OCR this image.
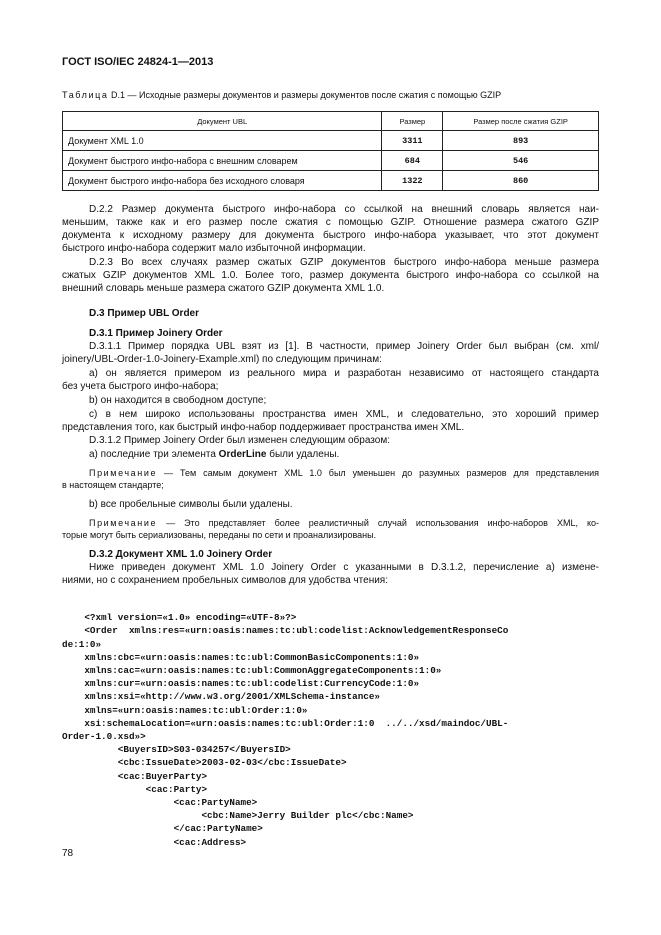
ГОСТ ISO/IEC 24824-1—2013
Таблица D.1 — Исходные размеры документов и размеры документов после сжатия с помощью GZIP
Документ UBL	Размер	Размер после сжатия GZIP
Документ XML 1.0	3311	893
Документ быстрого инфо-набора с внешним словарем	684	546
Документ быстрого инфо-набора без исходного словаря	1322	860
D.2.2 Размер документа быстрого инфо-набора со ссылкой на внешний словарь является наи-
меньшим, также как и его размер после сжатия с помощью GZIP. Отношение размера сжатого GZIP
документа к исходному размеру для документа быстрого инфо-набора указывает, что этот документ
быстрого инфо-набора содержит мало избыточной информации.
D.2.3 Во всех случаях размер сжатых GZIP документов быстрого инфо-набора меньше размера
сжатых GZIP документов XML 1.0. Более того, размер документа быстрого инфо-набора со ссылкой на
внешний словарь меньше размера сжатого GZIP документа XML 1.0.
D.3 Пример UBL Order
D.3.1 Пример Joinery Order
D.3.1.1 Пример порядка UBL взят из [1]. В частности, пример Joinery Order был выбран (см. xml/
joinery/UBL-Order-1.0-Joinery-Example.xml) по следующим причинам:
а) он является примером из реального мира и разработан независимо от настоящего стандарта
без учета быстрого инфо-набора;
b) он находится в свободном доступе;
с) в нем широко использованы пространства имен XML, и следовательно, это хороший пример
представления того, как быстрый инфо-набор поддерживает пространства имен XML.
D.3.1.2 Пример Joinery Order был изменен следующим образом:
а) последние три элемента OrderLine были удалены.
Примечание — Тем самым документ XML 1.0 был уменьшен до разумных размеров для представления
в настоящем стандарте;
b) все пробельные символы были удалены.
Примечание — Это представляет более реалистичный случай использования инфо-наборов XML, ко-
торые могут быть сериализованы, переданы по сети и проанализированы.
D.3.2 Документ XML 1.0 Joinery Order
Ниже приведен документ XML 1.0 Joinery Order с указанными в D.3.1.2, перечисление а) измене-
ниями, но с сохранением пробельных символов для удобства чтения:

<?xml version=«1.0» encoding=«UTF-8»?>
<Order  xmlns:res=«urn:oasis:names:tc:ubl:codelist:AcknowledgementResponseCo
de:1:0»
xmlns:cbc=«urn:oasis:names:tc:ubl:CommonBasicComponents:1:0»
xmlns:cac=«urn:oasis:names:tc:ubl:CommonAggregateComponents:1:0»
xmlns:cur=«urn:oasis:names:tc:ubl:codelist:CurrencyCode:1:0»
xmlns:xsi=«http://www.w3.org/2001/XMLSchema-instance»
xmlns=«urn:oasis:names:tc:ubl:Order:1:0»
xsi:schemaLocation=«urn:oasis:names:tc:ubl:Order:1:0  ../../xsd/maindoc/UBL-
Order-1.0.xsd»>
<BuyersID>S03-034257</BuyersID>
<cbc:IssueDate>2003-02-03</cbc:IssueDate>
<cac:BuyerParty>
<cac:Party>
<cac:PartyName>
<cbc:Name>Jerry Builder plc</cbc:Name>
</cac:PartyName>
<cac:Address>

78
